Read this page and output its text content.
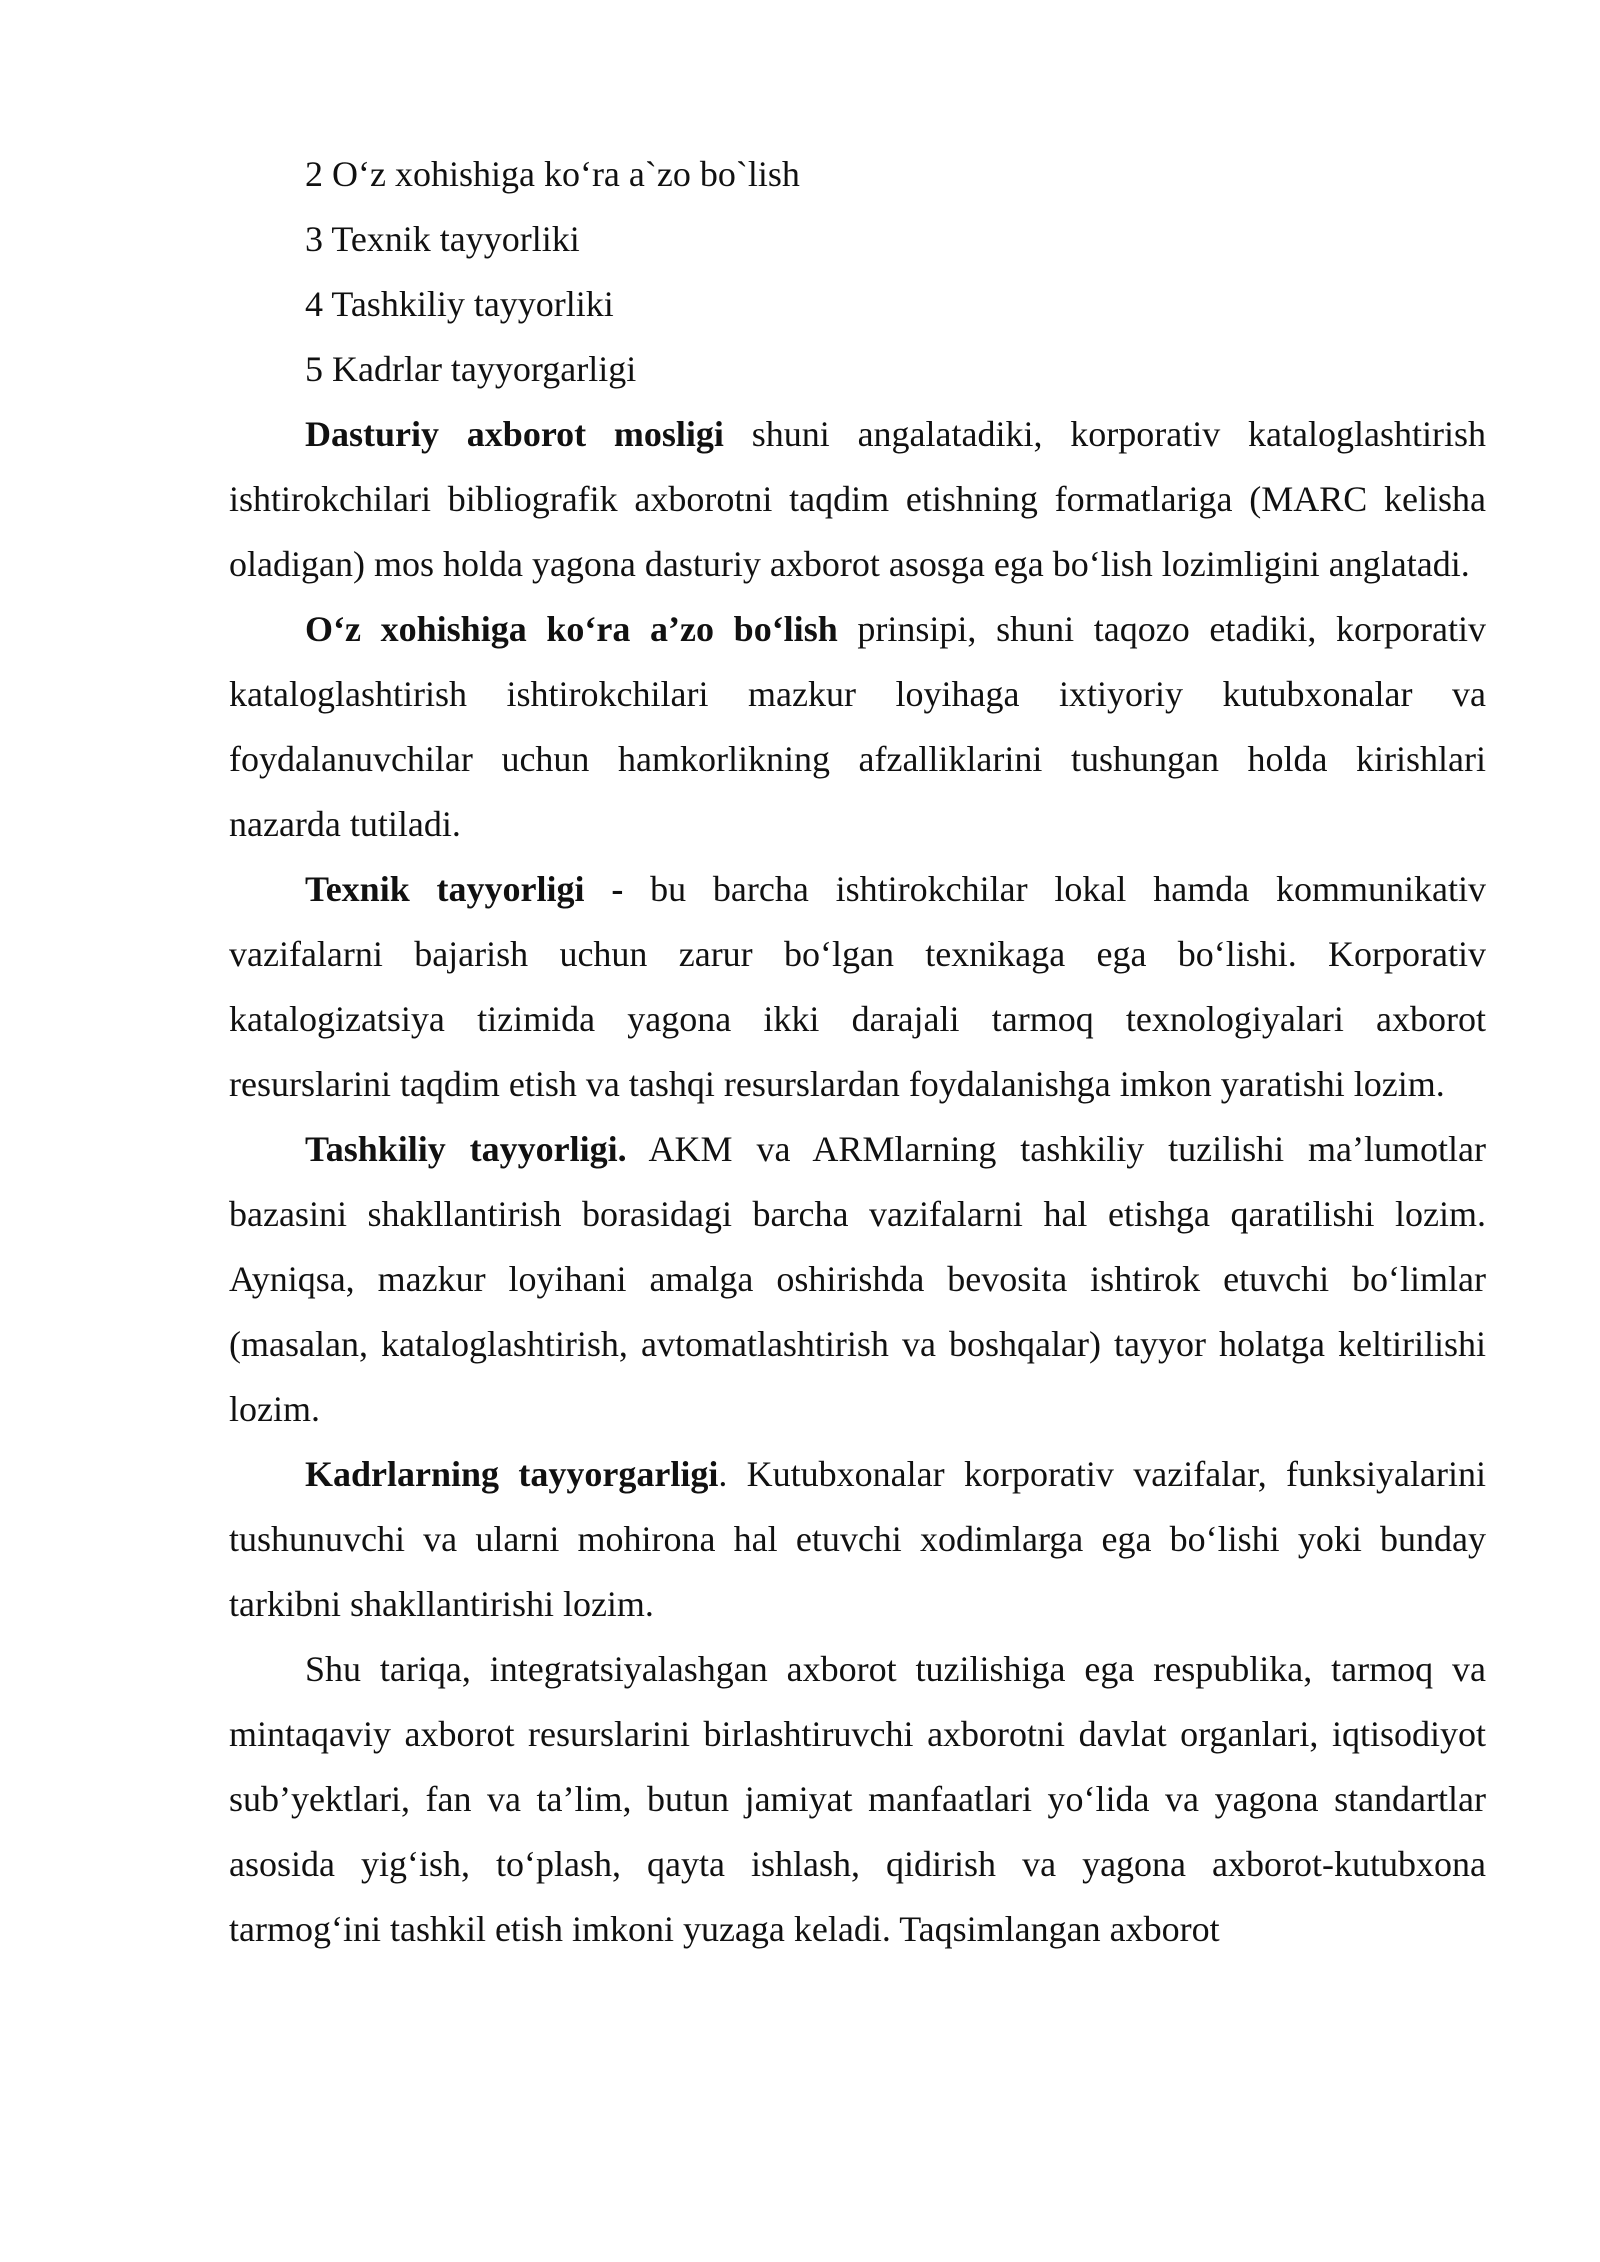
2 O‘z xohishiga ko‘ra a`zo bo`lish

3 Texnik tayyorliki

4 Tashkiliy tayyorliki

5 Kadrlar tayyorgarligi

Dasturiy axborot mosligi shuni angalatadiki, korporativ kataloglashtirish ishtirokchilari bibliografik axborotni taqdim etishning formatlariga (MARC kelisha oladigan) mos holda yagona dasturiy axborot asosga ega bo‘lish lozimligini anglatadi.

O‘z xohishiga ko‘ra a’zo bo‘lish prinsipi, shuni taqozo etadiki, korporativ kataloglashtirish ishtirokchilari mazkur loyihaga ixtiyoriy kutubxonalar va foydalanuvchilar uchun hamkorlikning afzalliklarini tushungan holda kirishlari nazarda tutiladi.

Texnik tayyorligi - bu barcha ishtirokchilar lokal hamda kommunikativ vazifalarni bajarish uchun zarur bo‘lgan texnikaga ega bo‘lishi. Korporativ katalogizatsiya tizimida yagona ikki darajali tarmoq texnologiyalari axborot resurslarini taqdim etish va tashqi resurslardan foydalanishga imkon yaratishi lozim.

Tashkiliy tayyorligi. AKM va ARMlarning tashkiliy tuzilishi ma’lumotlar bazasini shakllantirish borasidagi barcha vazifalarni hal etishga qaratilishi lozim. Ayniqsa, mazkur loyihani amalga oshirishda bevosita ishtirok etuvchi bo‘limlar (masalan, kataloglashtirish, avtomatlashtirish va boshqalar) tayyor holatga keltirilishi lozim.

Kadrlarning tayyorgarligi. Kutubxonalar korporativ vazifalar, funksiyalarini tushunuvchi va ularni mohirona hal etuvchi xodimlarga ega bo‘lishi yoki bunday tarkibni shakllantirishi lozim.

Shu tariqa, integratsiyalashgan axborot tuzilishiga ega respublika, tarmoq va mintaqaviy axborot resurslarini birlashtiruvchi axborotni davlat organlari, iqtisodiyot sub’yektlari, fan va ta’lim, butun jamiyat manfaatlari yo‘lida va yagona standartlar asosida yig‘ish, to‘plash, qayta ishlash, qidirish va yagona axborot-kutubxona tarmog‘ini tashkil etish imkoni yuzaga keladi. Taqsimlangan axborot
